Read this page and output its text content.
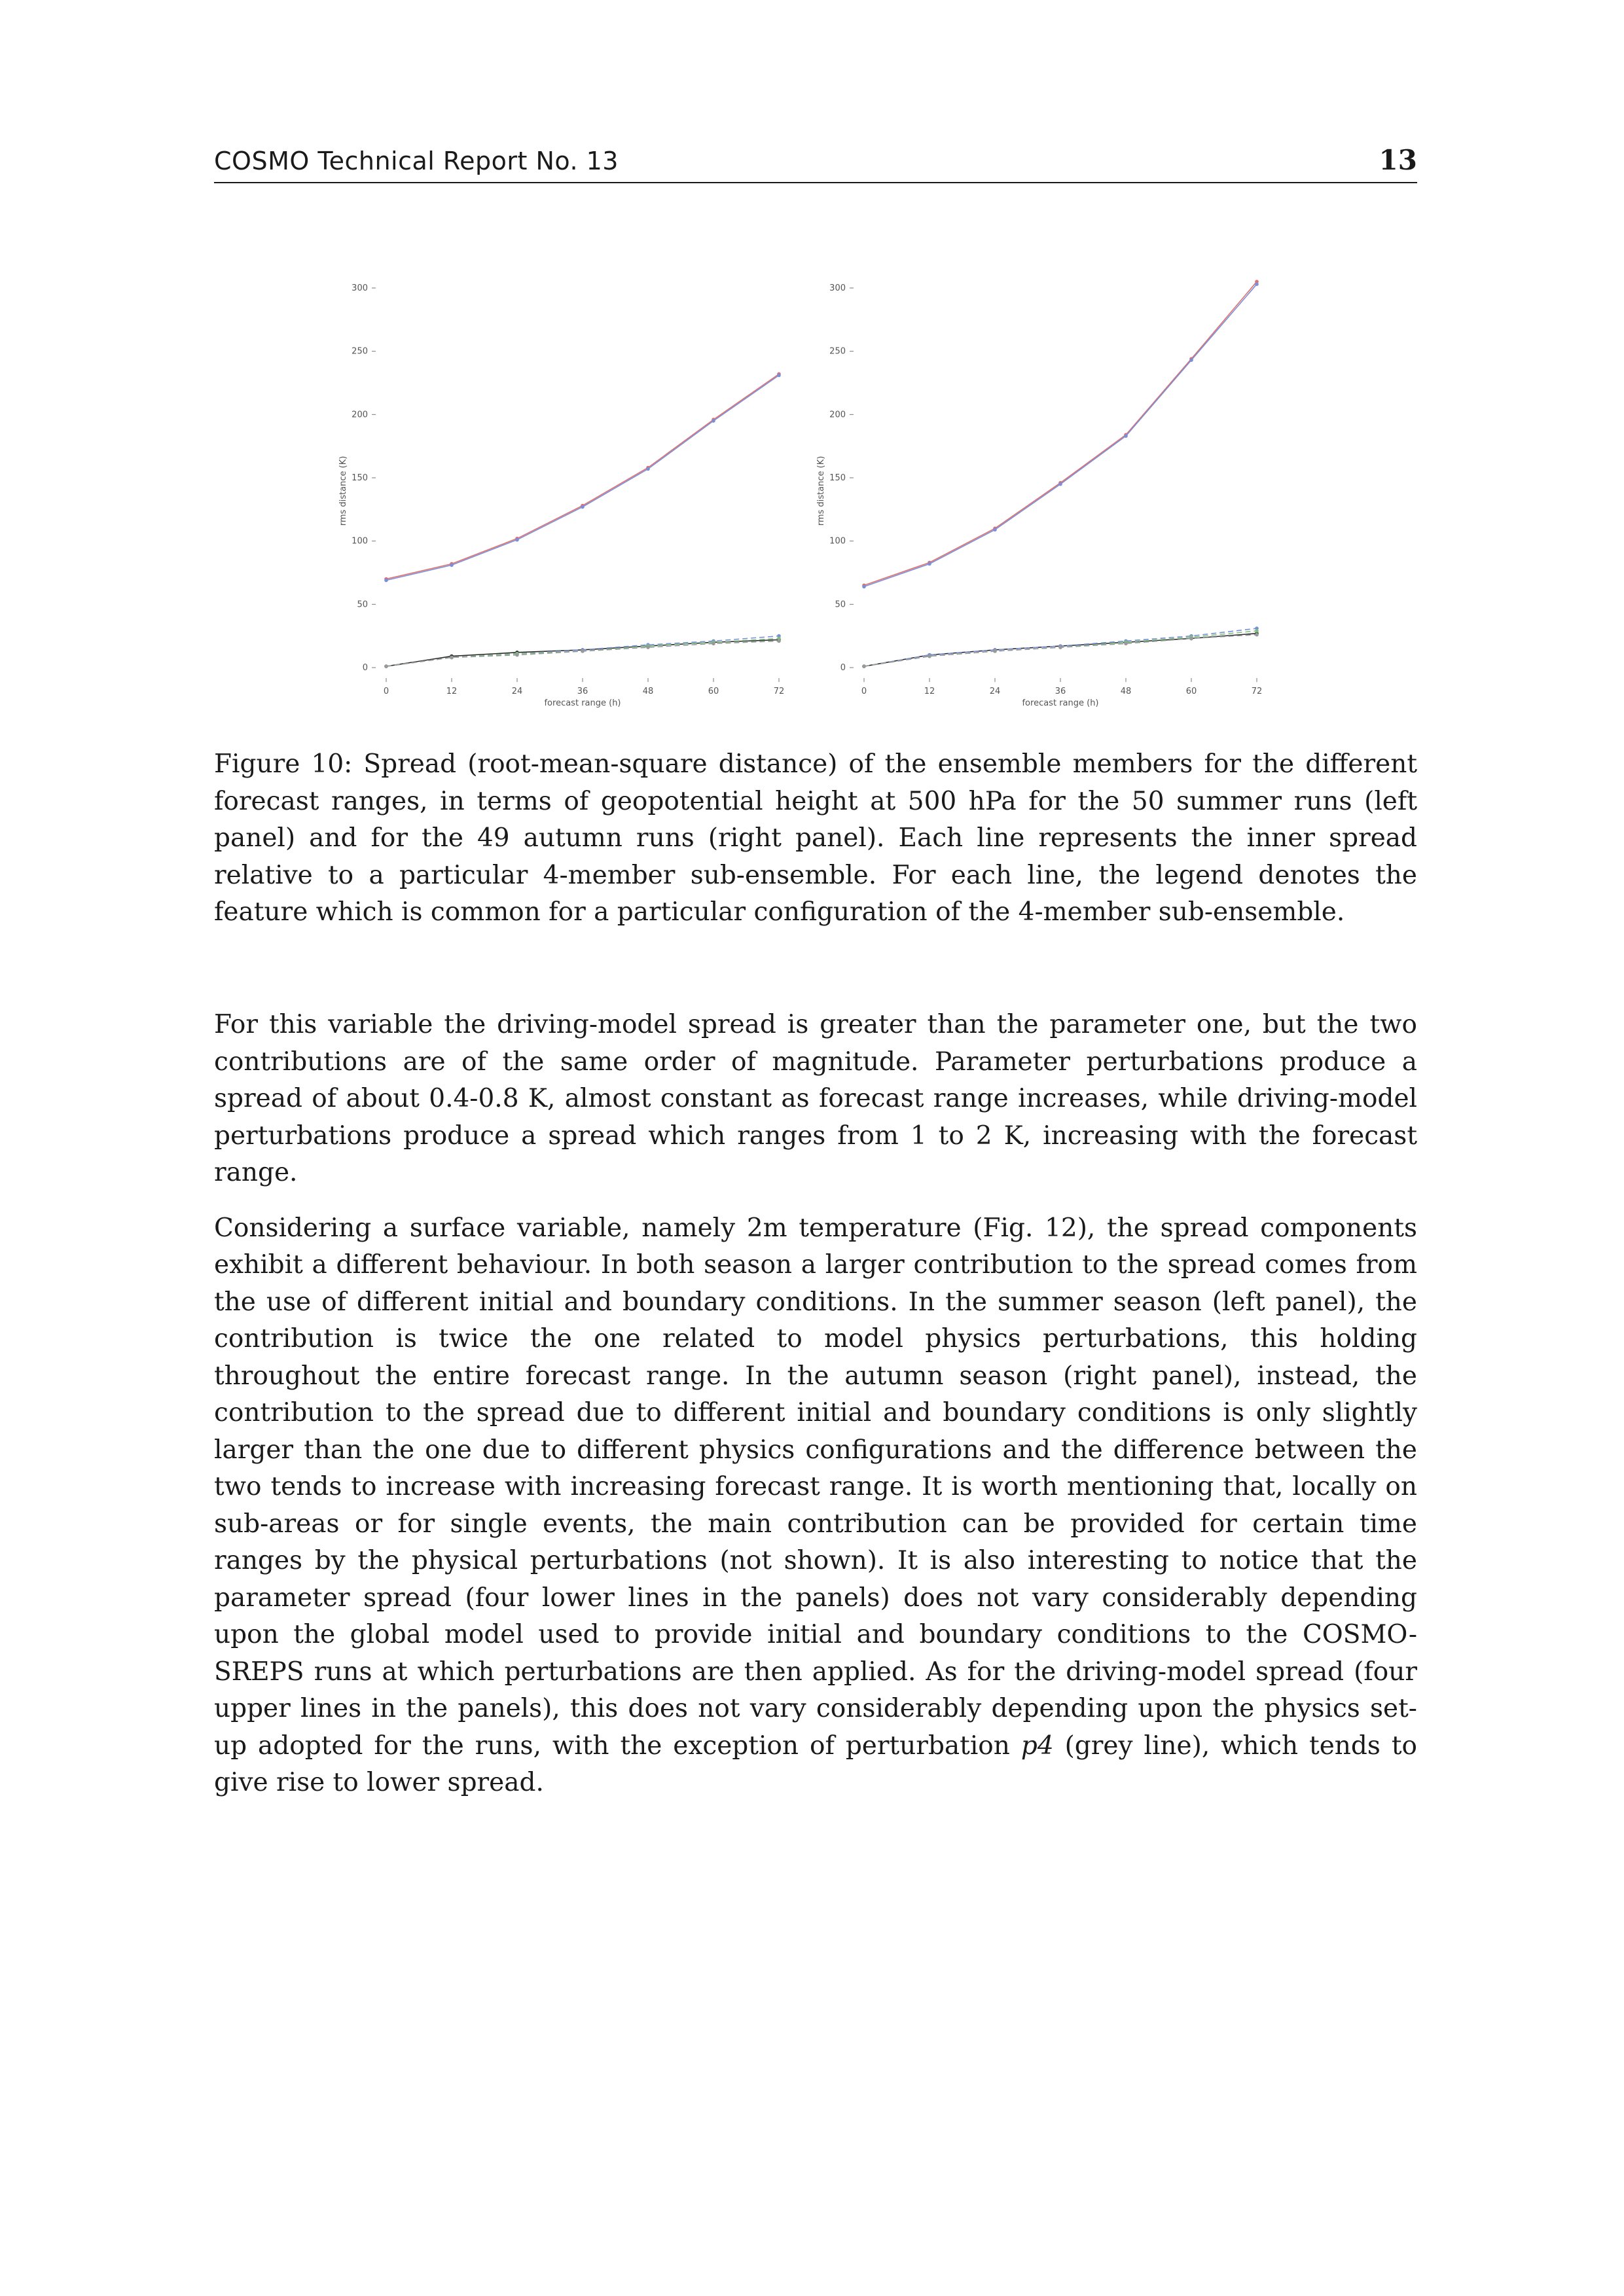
COSMO Technical Report No. 13	13
0
50
100
150
200
250
300
0	12	24	36	48	60	72
forecast range (h)
rms distance (K)
0
50
100
150
200
250
300
0	12	24	36	48	60	72
forecast range (h)
rms distance (K)
Figure 10: Spread (root-mean-square distance) of the ensemble members for the different forecast ranges, in terms of geopotential height at 500 hPa for the 50 summer runs (left panel) and for the 49 autumn runs (right panel). Each line represents the inner spread relative to a particular 4-member sub-ensemble. For each line, the legend denotes the feature which is common for a particular configuration of the 4-member sub-ensemble.

For this variable the driving-model spread is greater than the parameter one, but the two contributions are of the same order of magnitude. Parameter perturbations produce a spread of about 0.4-0.8 K, almost constant as forecast range increases, while driving-model perturbations produce a spread which ranges from 1 to 2 K, increasing with the forecast range.

Considering a surface variable, namely 2m temperature (Fig. 12), the spread components exhibit a different behaviour. In both season a larger contribution to the spread comes from the use of different initial and boundary conditions. In the summer season (left panel), the contribution is twice the one related to model physics perturbations, this holding throughout the entire forecast range. In the autumn season (right panel), instead, the contribution to the spread due to different initial and boundary conditions is only slightly larger than the one due to different physics configurations and the difference between the two tends to increase with increasing forecast range. It is worth mentioning that, locally on sub-areas or for single events, the main contribution can be provided for certain time ranges by the physical perturbations (not shown). It is also interesting to notice that the parameter spread (four lower lines in the panels) does not vary considerably depending upon the global model used to provide initial and boundary conditions to the COSMO-SREPS runs at which perturbations are then applied. As for the driving-model spread (four upper lines in the panels), this does not vary considerably depending upon the physics set-up adopted for the runs, with the exception of perturbation p4 (grey line), which tends to give rise to lower spread.
